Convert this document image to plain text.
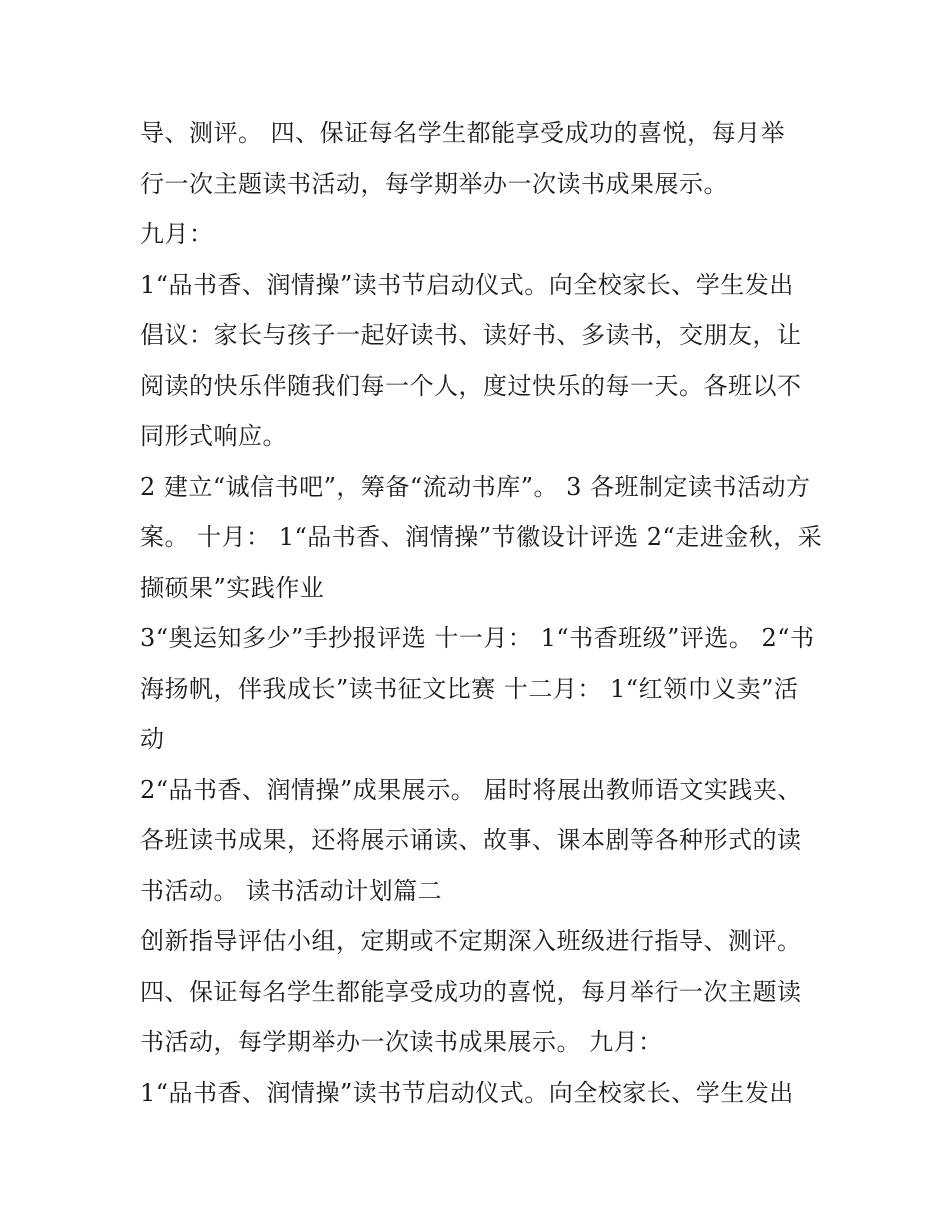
导、测评。 四、保证每名学生都能享受成功的喜悦，每月举
行一次主题读书活动，每学期举办一次读书成果展示。
九月：
1“品书香、润情操”读书节启动仪式。向全校家长、学生发出
倡议：家长与孩子一起好读书、读好书、多读书，交朋友，让
阅读的快乐伴随我们每一个人，度过快乐的每一天。各班以不
同形式响应。
2 建立“诚信书吧”，筹备“流动书库”。 3 各班制定读书活动方
案。 十月： 1“品书香、润情操”节徽设计评选 2“走进金秋，采
撷硕果”实践作业
3“奥运知多少”手抄报评选 十一月： 1“书香班级”评选。 2“书
海扬帆，伴我成长”读书征文比赛 十二月： 1“红领巾义卖”活
动
2“品书香、润情操”成果展示。 届时将展出教师语文实践夹、
各班读书成果，还将展示诵读、故事、课本剧等各种形式的读
书活动。 读书活动计划篇二
创新指导评估小组，定期或不定期深入班级进行指导、测评。
四、保证每名学生都能享受成功的喜悦，每月举行一次主题读
书活动，每学期举办一次读书成果展示。 九月：
1“品书香、润情操”读书节启动仪式。向全校家长、学生发出
